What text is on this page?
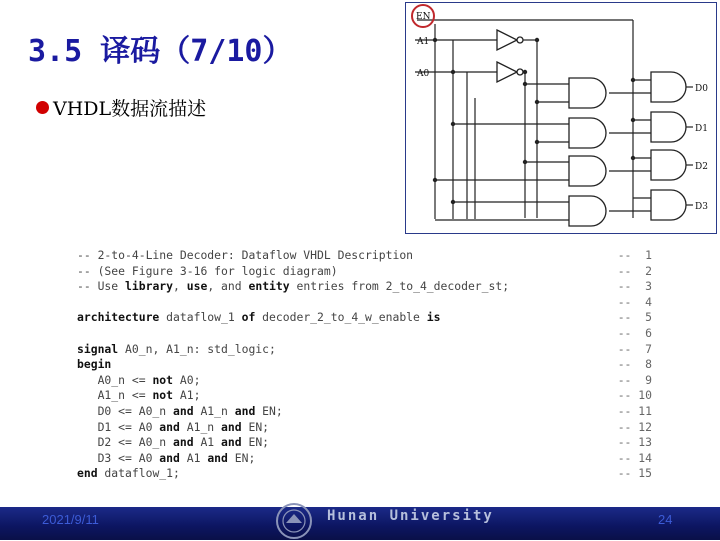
3.5 译码（7/10）
VHDL数据流描述
EN
A1
A0
D0
D1
D2
D3
-- 2-to-4-Line Decoder: Dataflow VHDL Description	--  1
-- (See Figure 3-16 for logic diagram)	--  2
-- Use library, use, and entity entries from 2_to_4_decoder_st;	--  3
--  4
architecture dataflow_1 of decoder_2_to_4_w_enable is	--  5
--  6
signal A0_n, A1_n: std_logic;	--  7
begin	--  8
A0_n <= not A0;	--  9
A1_n <= not A1;	-- 10
D0 <= A0_n and A1_n and EN;	-- 11
D1 <= A0 and A1_n and EN;	-- 12
D2 <= A0_n and A1 and EN;	-- 13
D3 <= A0 and A1 and EN;	-- 14
end dataflow_1;	-- 15
2021/9/11	Hunan University	24
